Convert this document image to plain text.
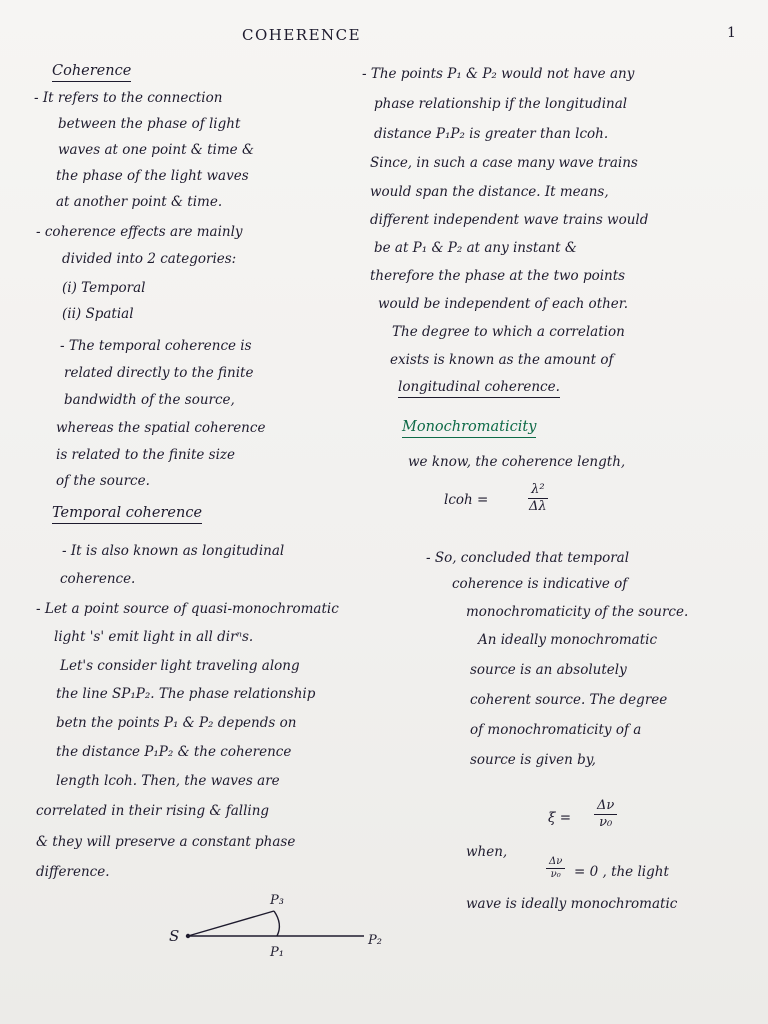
COHERENCE	1
Coherence
- It refers to the connection
between the phase of light
waves at one point & time &
the phase of the light waves
at another point & time.
- coherence effects are mainly
divided into 2 categories:
(i) Temporal
(ii) Spatial
- The temporal coherence is
related directly to the finite
bandwidth of the source,
whereas the spatial coherence
is related to the finite size
of the source.
Temporal coherence
- It is also known as longitudinal
coherence.
- Let a point source of quasi-monochromatic
light 's' emit light in all dirⁿs.
Let's consider light traveling along
the line SP₁P₂. The phase relationship
betn the points P₁ & P₂ depends on
the distance P₁P₂ & the coherence
length lcoh. Then, the waves are
correlated in their rising & falling
& they will preserve a constant phase
difference.
S
P₃
P₁
P₂
- The points P₁ & P₂ would not have any
phase relationship if the longitudinal
distance P₁P₂ is greater than lcoh.
Since, in such a case many wave trains
would span the distance. It means,
different independent wave trains would
be at P₁ & P₂ at any instant &
therefore the phase at the two points
would be independent of each other.
The degree to which a correlation
exists is known as the amount of
longitudinal coherence.
Monochromaticity
we know, the coherence length,
lcoh =	$\frac{\text{λ²}}{\Delta\lambda}$
- So, concluded that temporal
coherence is indicative of
monochromaticity of the source.
An ideally monochromatic
source is an absolutely
coherent source. The degree
of monochromaticity of a
source is given by,
$\xi = \frac{\Delta\nu}{\text{ν₀}}$
when,
$\frac{\Delta\nu}{\text{ν₀}} = 0$ , the light
wave is ideally monochromatic
